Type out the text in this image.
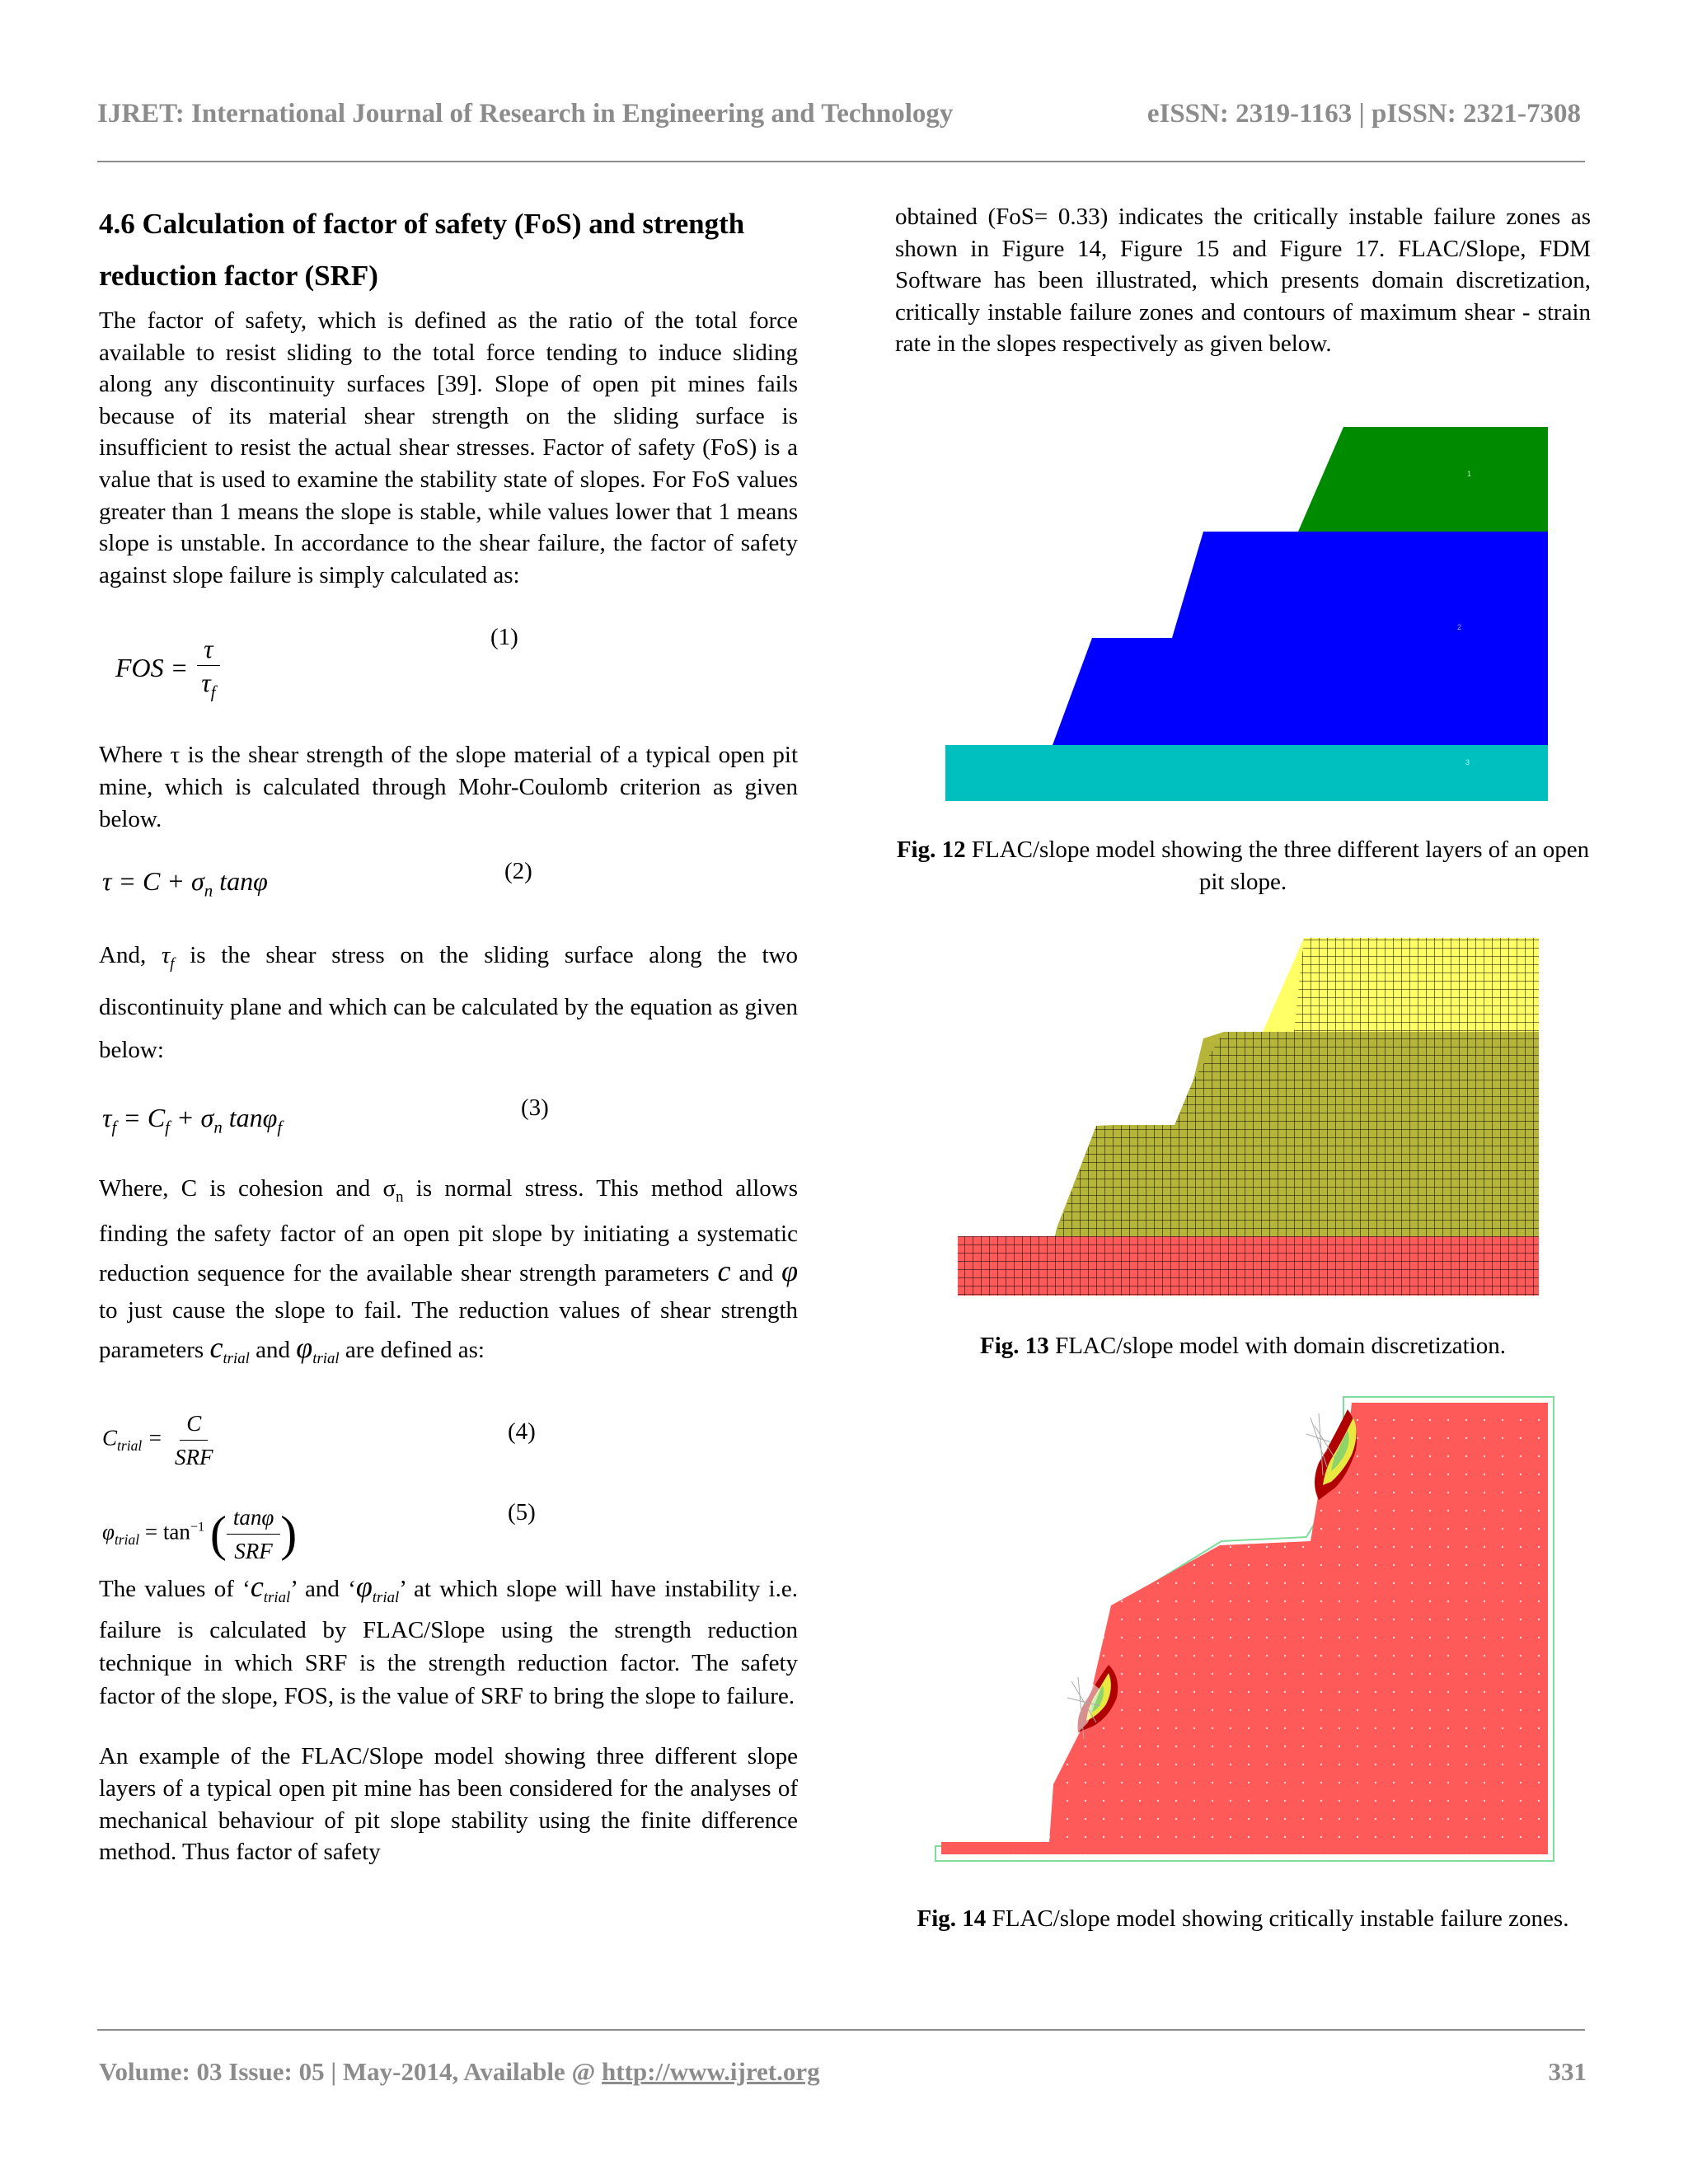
IJRET: International Journal of Research in Engineering and Technology	eISSN: 2319-1163 | pISSN: 2321-7308
4.6 Calculation of factor of safety (FoS) and strength
reduction factor (SRF)

The factor of safety, which is defined as the ratio of the total force available to resist sliding to the total force tending to induce sliding along any discontinuity surfaces [39]. Slope of open pit mines fails because of its material shear strength on the sliding surface is insufficient to resist the actual shear stresses. Factor of safety (FoS) is a value that is used to examine the stability state of slopes. For FoS values greater than 1 means the slope is stable, while values lower that 1 means slope is unstable. In accordance to the shear failure, the factor of safety against slope failure is simply calculated as:

FOS = $\frac{\tau}{\tau_f}$	(1)

Where τ is the shear strength of the slope material of a typical open pit mine, which is calculated through Mohr-Coulomb criterion as given below.

$\tau = C + \sigma_n$ tanφ	(2)

And, $\tau_f$ is the shear stress on the sliding surface along the two discontinuity plane and which can be calculated by the equation as given below:

$\tau_f = C_f + \sigma_n$ tanφ$_f$
(3)

Where, C is cohesion and $\sigma_n$ is normal stress. This method allows finding the safety factor of an open pit slope by initiating a systematic reduction sequence for the available shear strength parameters c and φ to just cause the slope to fail. The reduction values of shear strength parameters $c_{trial}$ and $\varphi_{trial}$ are defined as:

$C_{trial} = \frac{C}{\text{SRF}}$	(4)
$\varphi_{trial} = \tan^{-1}$ ( $\frac{\tan\varphi}{\text{SRF}}$ )	(5)

The values of ‘$c_{trial}$’ and ‘$\varphi_{trial}$’ at which slope will have instability i.e. failure is calculated by FLAC/Slope using the strength reduction technique in which SRF is the strength reduction factor. The safety factor of the slope, FOS, is the value of SRF to bring the slope to failure.

An example of the FLAC/Slope model showing three different slope layers of a typical open pit mine has been considered for the analyses of mechanical behaviour of pit slope stability using the finite difference method. Thus factor of safety

obtained (FoS= 0.33) indicates the critically instable failure zones as shown in Figure 14, Figure 15 and Figure 17. FLAC/Slope, FDM Software has been illustrated, which presents domain discretization, critically instable failure zones and contours of maximum shear - strain rate in the slopes respectively as given below.

1
2
3
Fig. 12 FLAC/slope model showing the three different layers of an open pit slope.
Fig. 13 FLAC/slope model with domain discretization.
Fig. 14 FLAC/slope model showing critically instable failure zones.
Volume: 03 Issue: 05 | May-2014, Available @ http://www.ijret.org	331
